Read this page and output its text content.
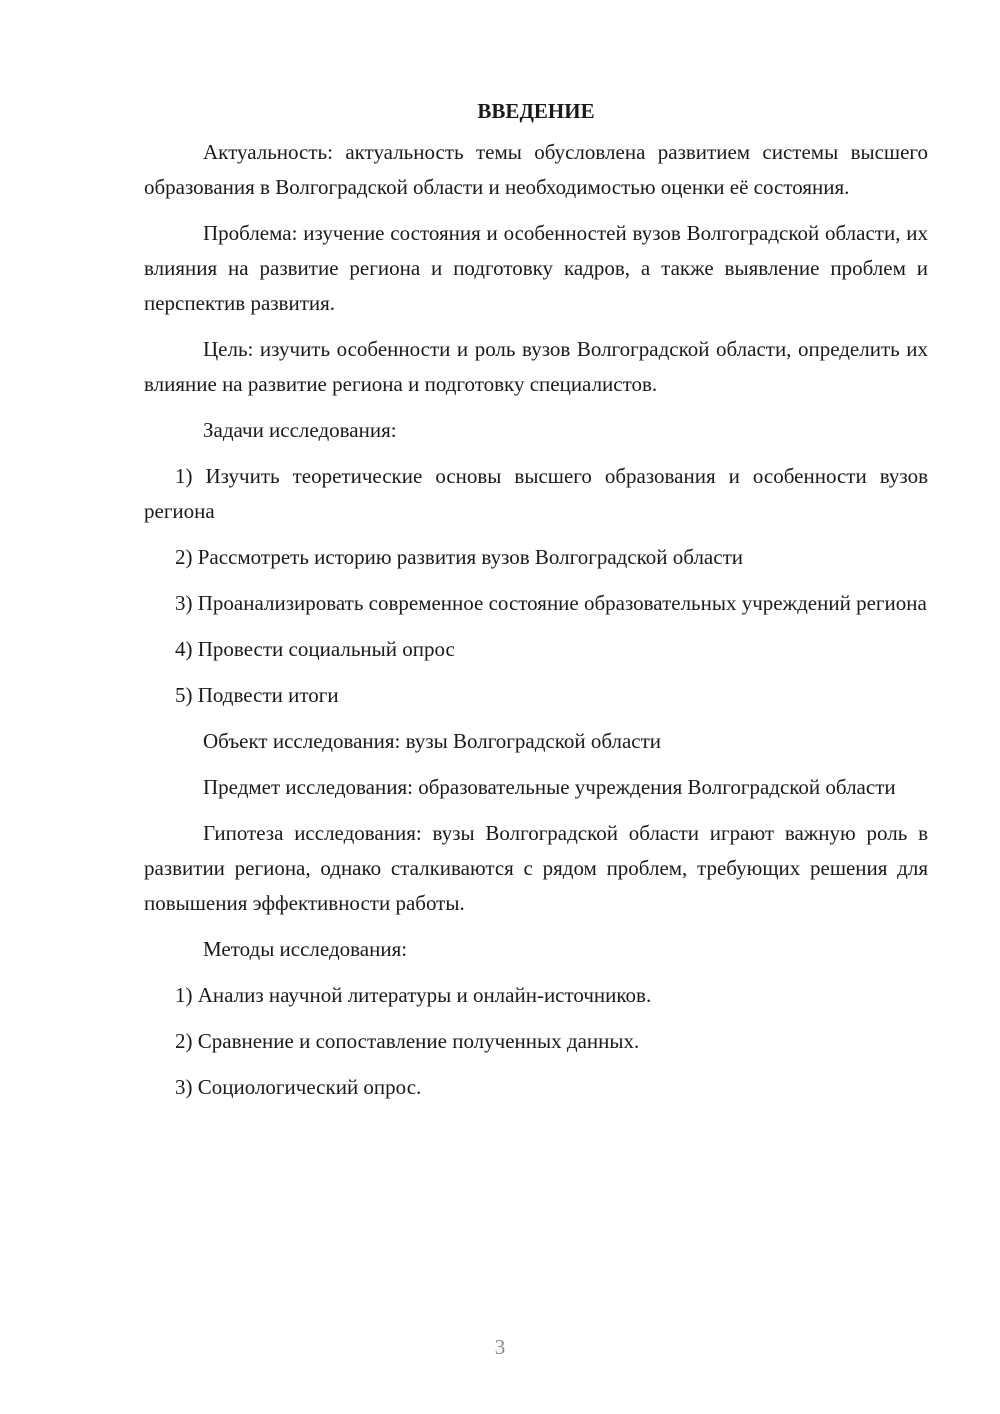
ВВЕДЕНИЕ

Актуальность: актуальность темы обусловлена развитием системы высшего образования в Волгоградской области и необходимостью оценки её состояния.

Проблема: изучение состояния и особенностей вузов Волгоградской области, их влияния на развитие региона и подготовку кадров, а также выявление проблем и перспектив развития.

Цель: изучить особенности и роль вузов Волгоградской области, определить их влияние на развитие региона и подготовку специалистов.

Задачи исследования:

1) Изучить теоретические основы высшего образования и особенности вузов региона

2) Рассмотреть историю развития вузов Волгоградской области

3) Проанализировать современное состояние образовательных учреждений региона

4) Провести социальный опрос

5) Подвести итоги

Объект исследования: вузы Волгоградской области

Предмет исследования: образовательные учреждения Волгоградской области

Гипотеза исследования: вузы Волгоградской области играют важную роль в развитии региона, однако сталкиваются с рядом проблем, требующих решения для повышения эффективности работы.

Методы исследования:

1) Анализ научной литературы и онлайн-источников.

2) Сравнение и сопоставление полученных данных.

3) Социологический опрос.

3
